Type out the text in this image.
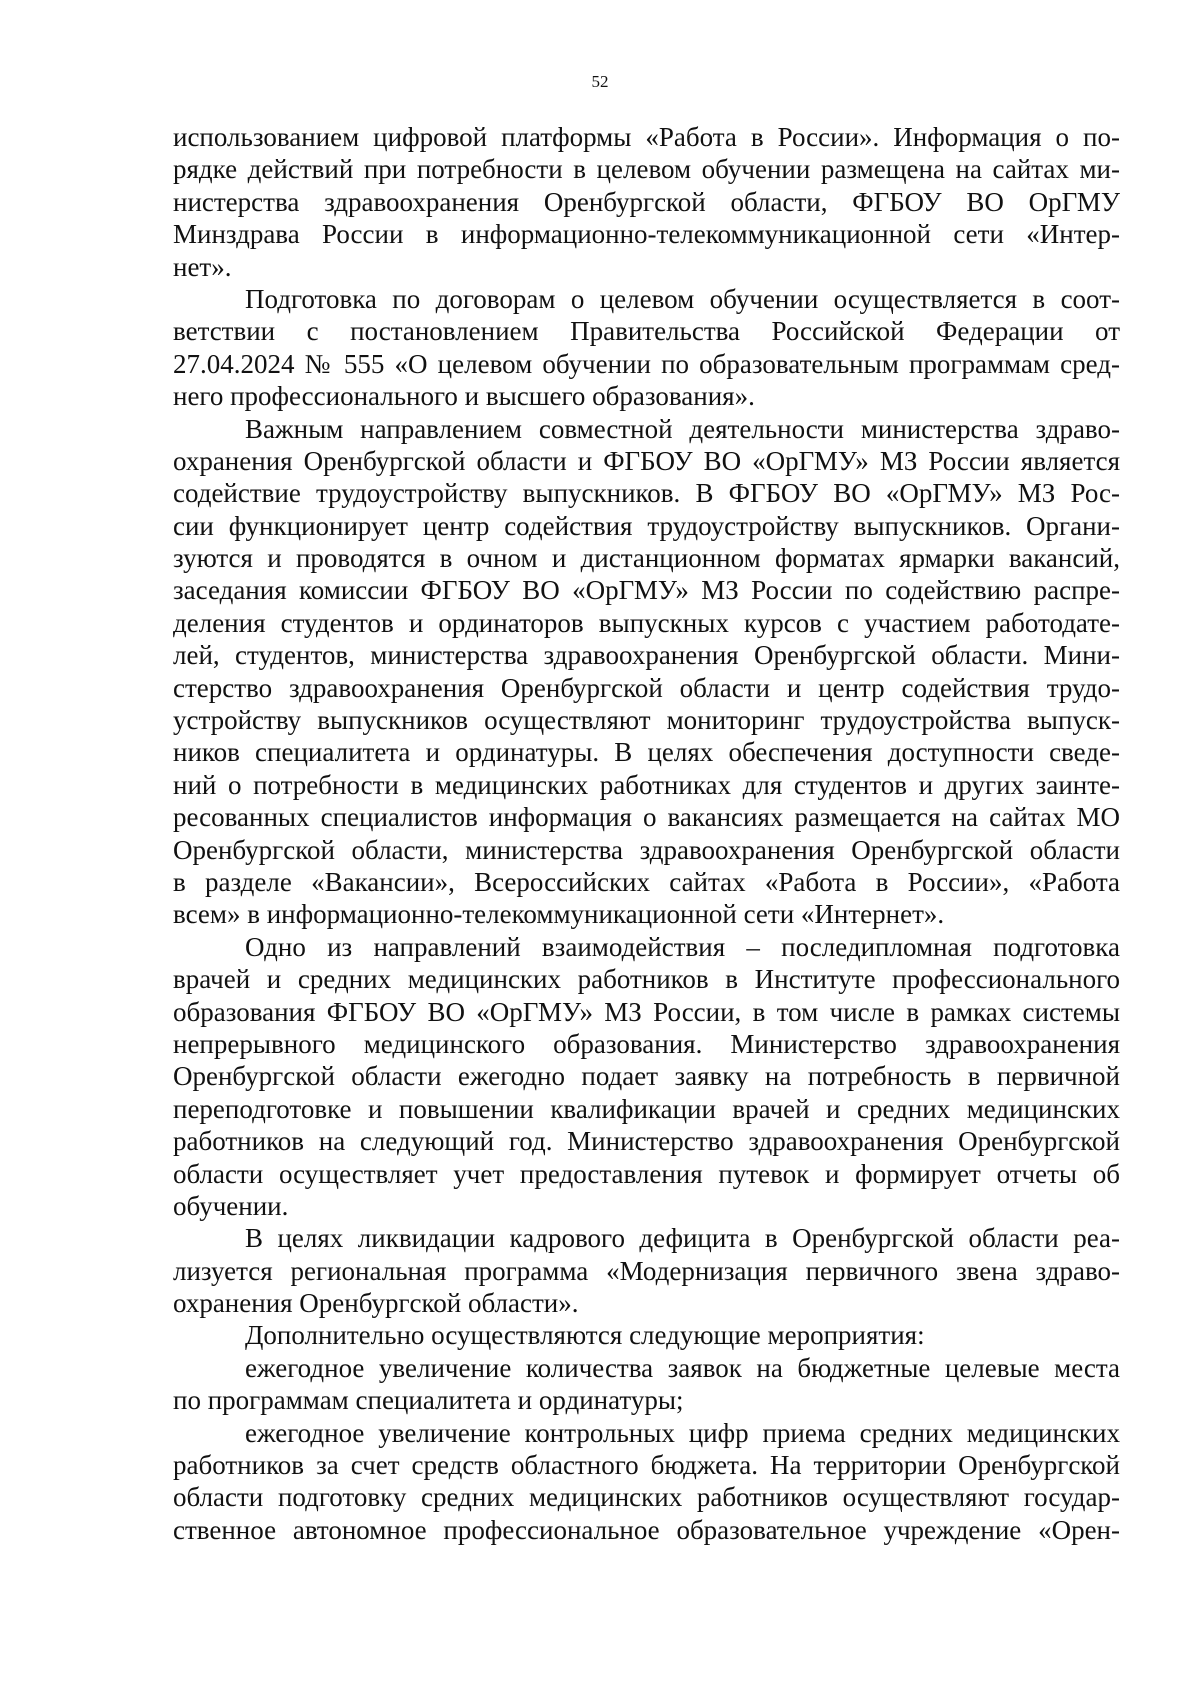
52
использованием цифровой платформы «Работа в России». Информация о по-
рядке действий при потребности в целевом обучении размещена на сайтах ми-
нистерства здравоохранения Оренбургской области, ФГБОУ ВО ОрГМУ
Минздрава России в информационно-телекоммуникационной сети «Интер-
нет».
Подготовка по договорам о целевом обучении осуществляется в соот-
ветствии с постановлением Правительства Российской Федерации от
27.04.2024 № 555 «О целевом обучении по образовательным программам сред-
него профессионального и высшего образования».
Важным направлением совместной деятельности министерства здраво-
охранения Оренбургской области и ФГБОУ ВО «ОрГМУ» МЗ России является
содействие трудоустройству выпускников. В ФГБОУ ВО «ОрГМУ» МЗ Рос-
сии функционирует центр содействия трудоустройству выпускников. Органи-
зуются и проводятся в очном и дистанционном форматах ярмарки вакансий,
заседания комиссии ФГБОУ ВО «ОрГМУ» МЗ России по содействию распре-
деления студентов и ординаторов выпускных курсов с участием работодате-
лей, студентов, министерства здравоохранения Оренбургской области. Мини-
стерство здравоохранения Оренбургской области и центр содействия трудо-
устройству выпускников осуществляют мониторинг трудоустройства выпуск-
ников специалитета и ординатуры. В целях обеспечения доступности сведе-
ний о потребности в медицинских работниках для студентов и других заинте-
ресованных специалистов информация о вакансиях размещается на сайтах МО
Оренбургской области, министерства здравоохранения Оренбургской области
в разделе «Вакансии», Всероссийских сайтах «Работа в России», «Работа
всем» в информационно-телекоммуникационной сети «Интернет».
Одно из направлений взаимодействия – последипломная подготовка
врачей и средних медицинских работников в Институте профессионального
образования ФГБОУ ВО «ОрГМУ» МЗ России, в том числе в рамках системы
непрерывного медицинского образования. Министерство здравоохранения
Оренбургской области ежегодно подает заявку на потребность в первичной
переподготовке и повышении квалификации врачей и средних медицинских
работников на следующий год. Министерство здравоохранения Оренбургской
области осуществляет учет предоставления путевок и формирует отчеты об
обучении.
В целях ликвидации кадрового дефицита в Оренбургской области реа-
лизуется региональная программа «Модернизация первичного звена здраво-
охранения Оренбургской области».
Дополнительно осуществляются следующие мероприятия:
ежегодное увеличение количества заявок на бюджетные целевые места
по программам специалитета и ординатуры;
ежегодное увеличение контрольных цифр приема средних медицинских
работников за счет средств областного бюджета. На территории Оренбургской
области подготовку средних медицинских работников осуществляют государ-
ственное автономное профессиональное образовательное учреждение «Орен-
